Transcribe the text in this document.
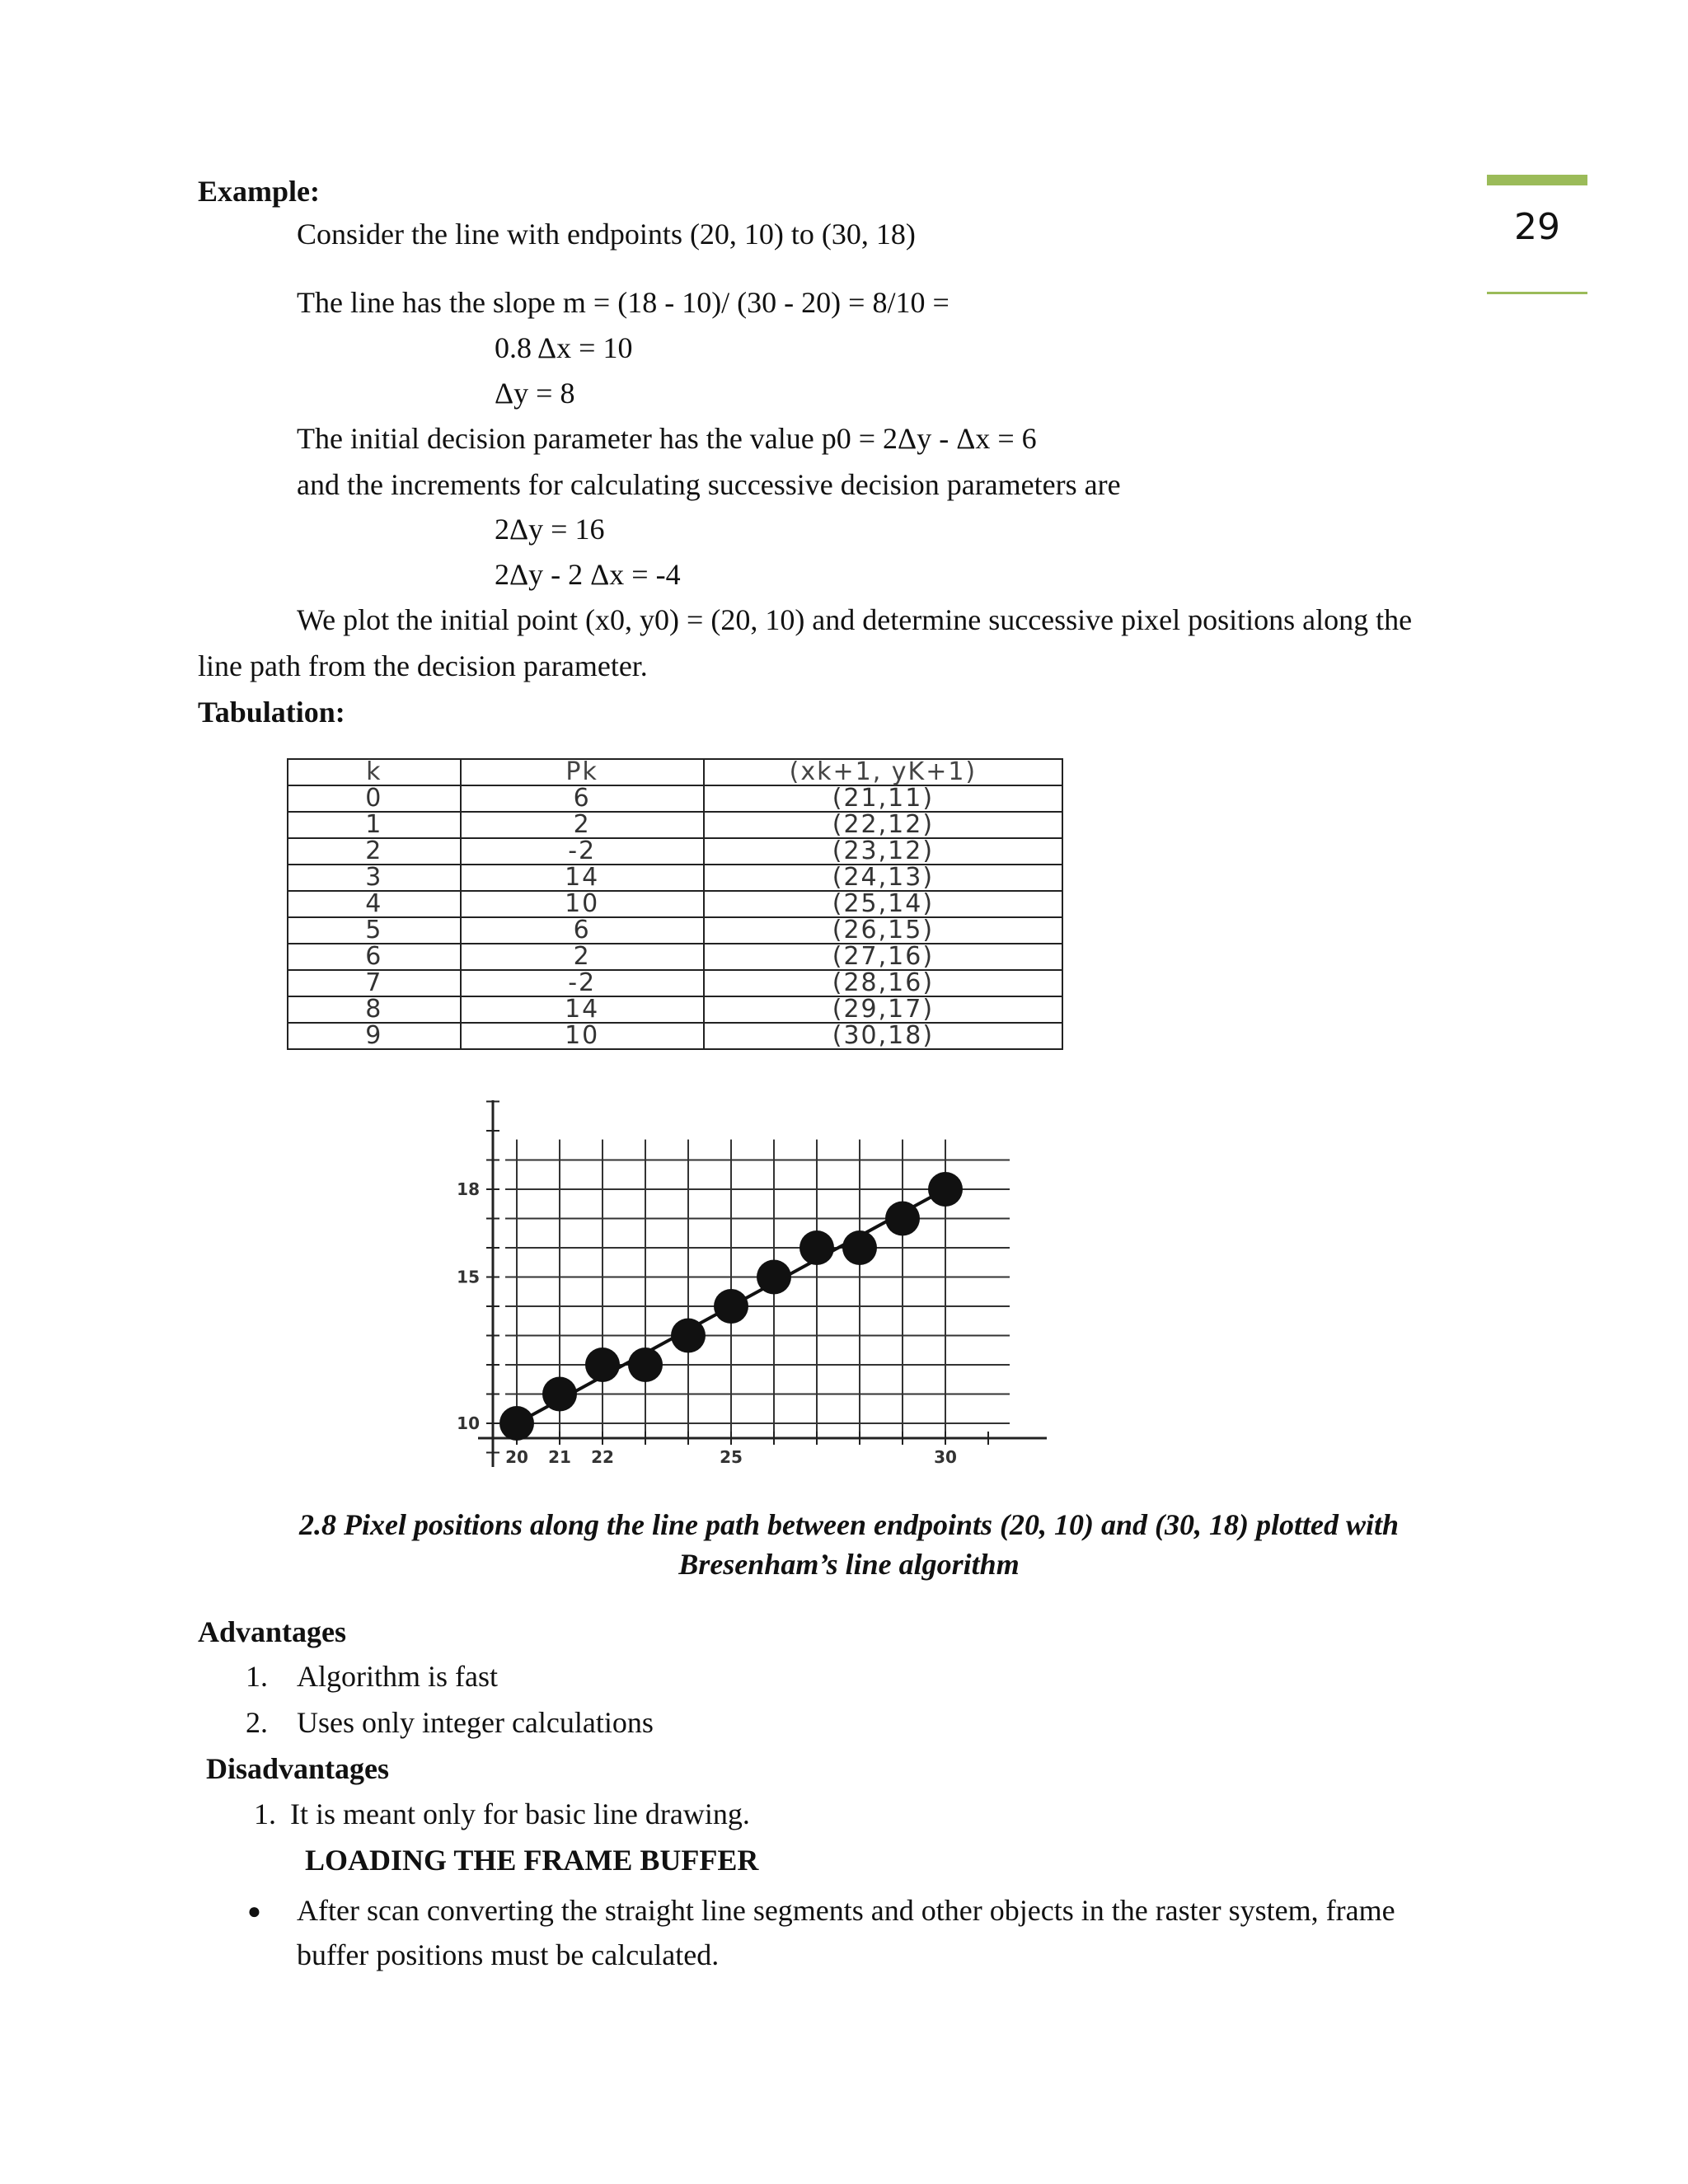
29
Example:
Consider the line with endpoints (20, 10) to (30, 18)
The line has the slope m = (18 - 10)/ (30 - 20) = 8/10 =
0.8 Δx = 10
Δy = 8
The initial decision parameter has the value p0 = 2Δy - Δx = 6
and the increments for calculating successive decision parameters are
2Δy = 16
2Δy - 2 Δx = -4
We plot the initial point (x0, y0) = (20, 10) and determine successive pixel positions along the
line path from the decision parameter.
Tabulation:
k	Pk	(xk+1, yK+1)
0	6	(21,11)
1	2	(22,12)
2	-2	(23,12)
3	14	(24,13)
4	10	(25,14)
5	6	(26,15)
6	2	(27,16)
7	-2	(28,16)
8	14	(29,17)
9	10	(30,18)
10
15
18
20 21 22	25	30
2.8 Pixel positions along the line path between endpoints (20, 10) and (30, 18) plotted with
Bresenham’s line algorithm
Advantages
1. Algorithm is fast
2. Uses only integer calculations
Disadvantages
1. It is meant only for basic line drawing.
LOADING THE FRAME BUFFER
● After scan converting the straight line segments and other objects in the raster system, frame
buffer positions must be calculated.
